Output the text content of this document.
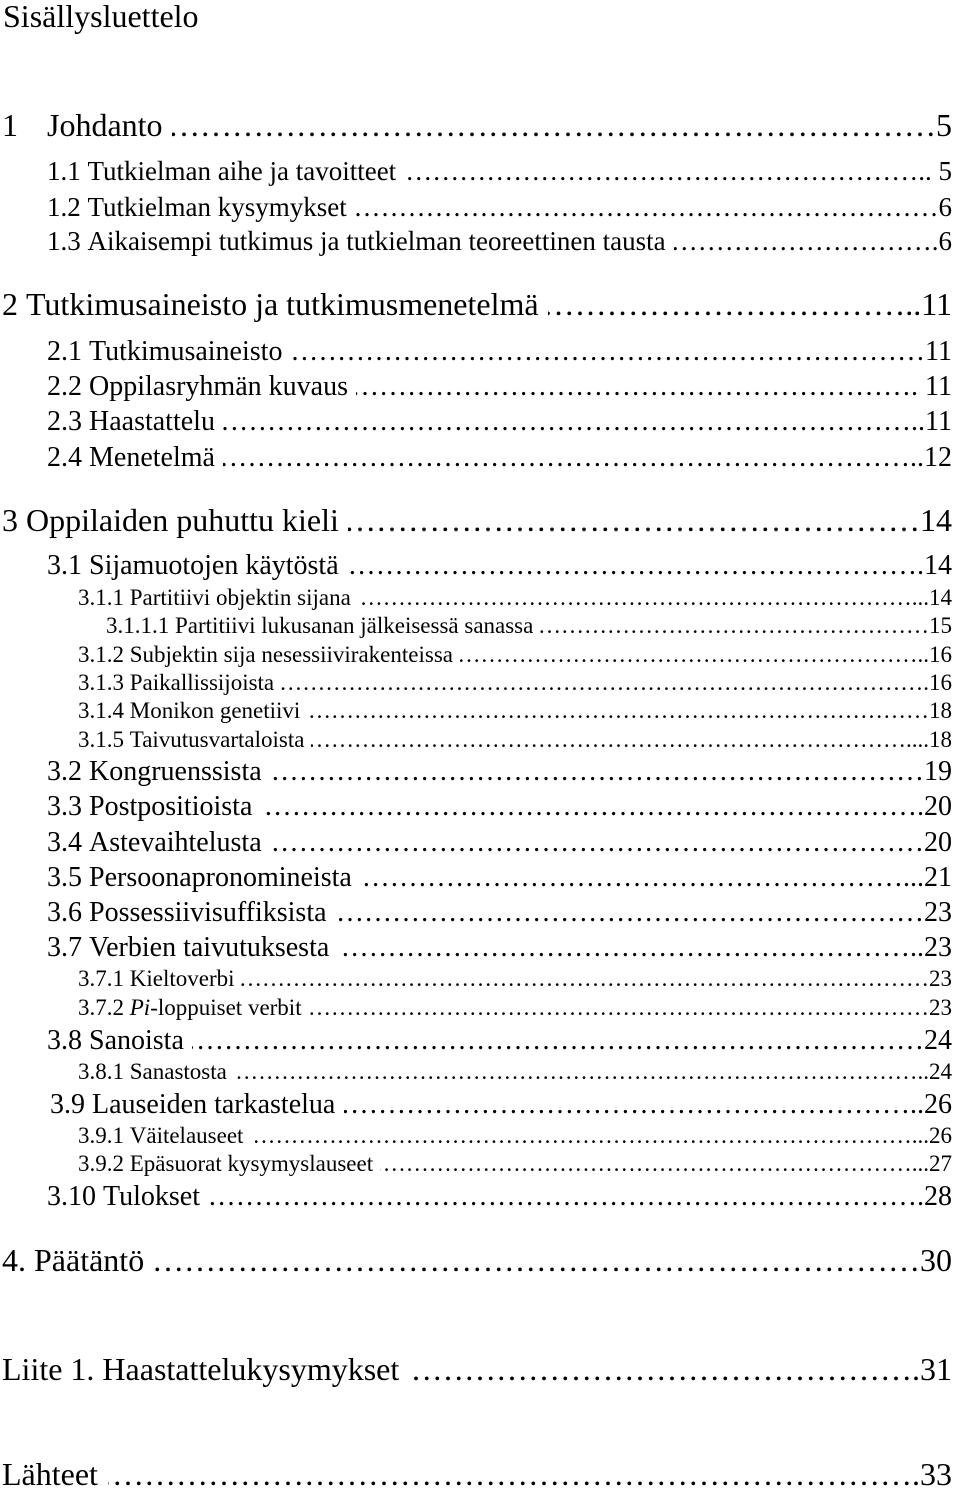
Sisällysluettelo
1 Johdanto ……………………………………………………………………………………………………………………………………………………	5
1.1 Tutkielman aihe ja tavoitteet ……………………………………………………………………………………………………………………………………………………	.. 5
1.2 Tutkielman kysymykset ……………………………………………………………………………………………………………………………………………………	6
1.3 Aikaisempi tutkimus ja tutkielman teoreettinen tausta ……………………………………………………………………………………………………………………………………………………	. 6
2 Tutkimusaineisto ja tutkimusmenetelmä ……………………………………………………………………………………………………………………………………………………	.. 11
2.1 Tutkimusaineisto ……………………………………………………………………………………………………………………………………………………	11
2.2 Oppilasryhmän kuvaus ……………………………………………………………………………………………………………………………………………………	. 11
2.3 Haastattelu ……………………………………………………………………………………………………………………………………………………	.. 11
2.4 Menetelmä ……………………………………………………………………………………………………………………………………………………	.. 12
3 Oppilaiden puhuttu kieli ……………………………………………………………………………………………………………………………………………………	14
3.1 Sijamuotojen käytöstä ……………………………………………………………………………………………………………………………………………………	. 14
3.1.1 Partitiivi objektin sijana ……………………………………………………………………………………………………………………………………………………	... 14
3.1.1.1 Partitiivi lukusanan jälkeisessä sanassa ……………………………………………………………………………………………………………………………………………………	15
3.1.2 Subjektin sija nesessiivirakenteissa ……………………………………………………………………………………………………………………………………………………	.. 16
3.1.3 Paikallissijoista ……………………………………………………………………………………………………………………………………………………	. 16
3.1.4 Monikon genetiivi ……………………………………………………………………………………………………………………………………………………	18
3.1.5 Taivutusvartaloista ……………………………………………………………………………………………………………………………………………………	.... 18
3.2 Kongruenssista ……………………………………………………………………………………………………………………………………………………	19
3.3 Postpositioista ……………………………………………………………………………………………………………………………………………………	. 20
3.4 Astevaihtelusta ……………………………………………………………………………………………………………………………………………………	20
3.5 Persoonapronomineista ……………………………………………………………………………………………………………………………………………………	... 21
3.6 Possessiivisuffiksista ……………………………………………………………………………………………………………………………………………………	23
3.7 Verbien taivutuksesta ……………………………………………………………………………………………………………………………………………………	.. 23
3.7.1 Kieltoverbi ……………………………………………………………………………………………………………………………………………………	23
3.7.2 Pi-loppuiset verbit ……………………………………………………………………………………………………………………………………………………	23
3.8 Sanoista ……………………………………………………………………………………………………………………………………………………	24
3.8.1 Sanastosta ……………………………………………………………………………………………………………………………………………………	.. 24
3.9 Lauseiden tarkastelua ……………………………………………………………………………………………………………………………………………………	.. 26
3.9.1 Väitelauseet ……………………………………………………………………………………………………………………………………………………	... 26
3.9.2 Epäsuorat kysymyslauseet ……………………………………………………………………………………………………………………………………………………	... 27
3.10 Tulokset ……………………………………………………………………………………………………………………………………………………	. 28
4. Päätäntö ……………………………………………………………………………………………………………………………………………………	30
Liite 1. Haastattelukysymykset ……………………………………………………………………………………………………………………………………………………	. 31
Lähteet ……………………………………………………………………………………………………………………………………………………	. 33
